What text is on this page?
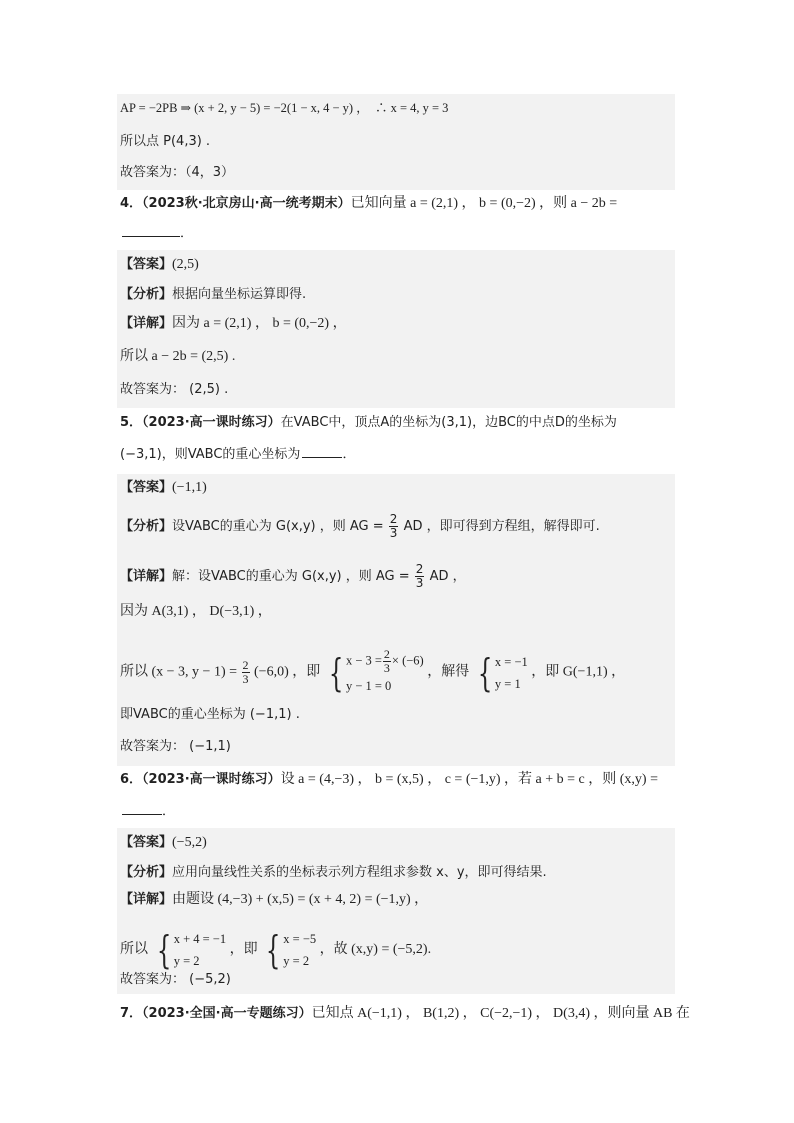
AP = −2PB ⇒ (x + 2, y − 5) = −2(1 − x, 4 − y) ， ∴ x = 4, y = 3
所以点 P(4,3) .
故答案为：（4，3）
4．（2023秋·北京房山·高一统考期末）已知向量 a = (2,1) ， b = (0,−2) ，则 a − 2b =
．
【答案】(2,5)
【分析】根据向量坐标运算即得.
【详解】因为 a = (2,1) ， b = (0,−2) ，
所以 a − 2b = (2,5) .
故答案为： (2,5) .
5．（2023·高一课时练习）在VABC中，顶点A的坐标为(3,1)，边BC的中点D的坐标为
(−3,1)，则VABC的重心坐标为	．
【答案】(−1,1)
【分析】设VABC的重心为 G(x,y) ，则 AG = $\frac{2}{3}$ AD ，即可得到方程组，解得即可.
【详解】解：设VABC的重心为 G(x,y) ，则 AG = $\frac{2}{3}$ AD ，
因为 A(3,1) ， D(−3,1) ，
所以 (x − 3, $y - 1) = \frac{2}{3} (-6,0)$ ，即 { $x - 3 = \frac{2}{3} \times (-6)$
y − 1 = 0
，解得 { x = −1
y = 1
，即 G(−1,1) ，
即VABC的重心坐标为 (−1,1) .
故答案为： (−1,1)
6．（2023·高一课时练习）设 a = (4,−3) ， b = (x,5) ， c = (−1,y) ，若 a + b = c ，则 (x,y) =
．
【答案】(−5,2)
【分析】应用向量线性关系的坐标表示列方程组求参数 x、y，即可得结果.
【详解】由题设 (4,−3) + (x,5) = (x + 4, 2) = (−1,y) ，
所以 { x + 4 = −1
y = 2
，即 { x = −5
y = 2
，故 (x,y) = (−5,2).
故答案为： (−5,2)
7．（2023·全国·高一专题练习）已知点 A(−1,1) ， B(1,2) ， C(−2,−1) ， D(3,4) ，则向量 AB 在
